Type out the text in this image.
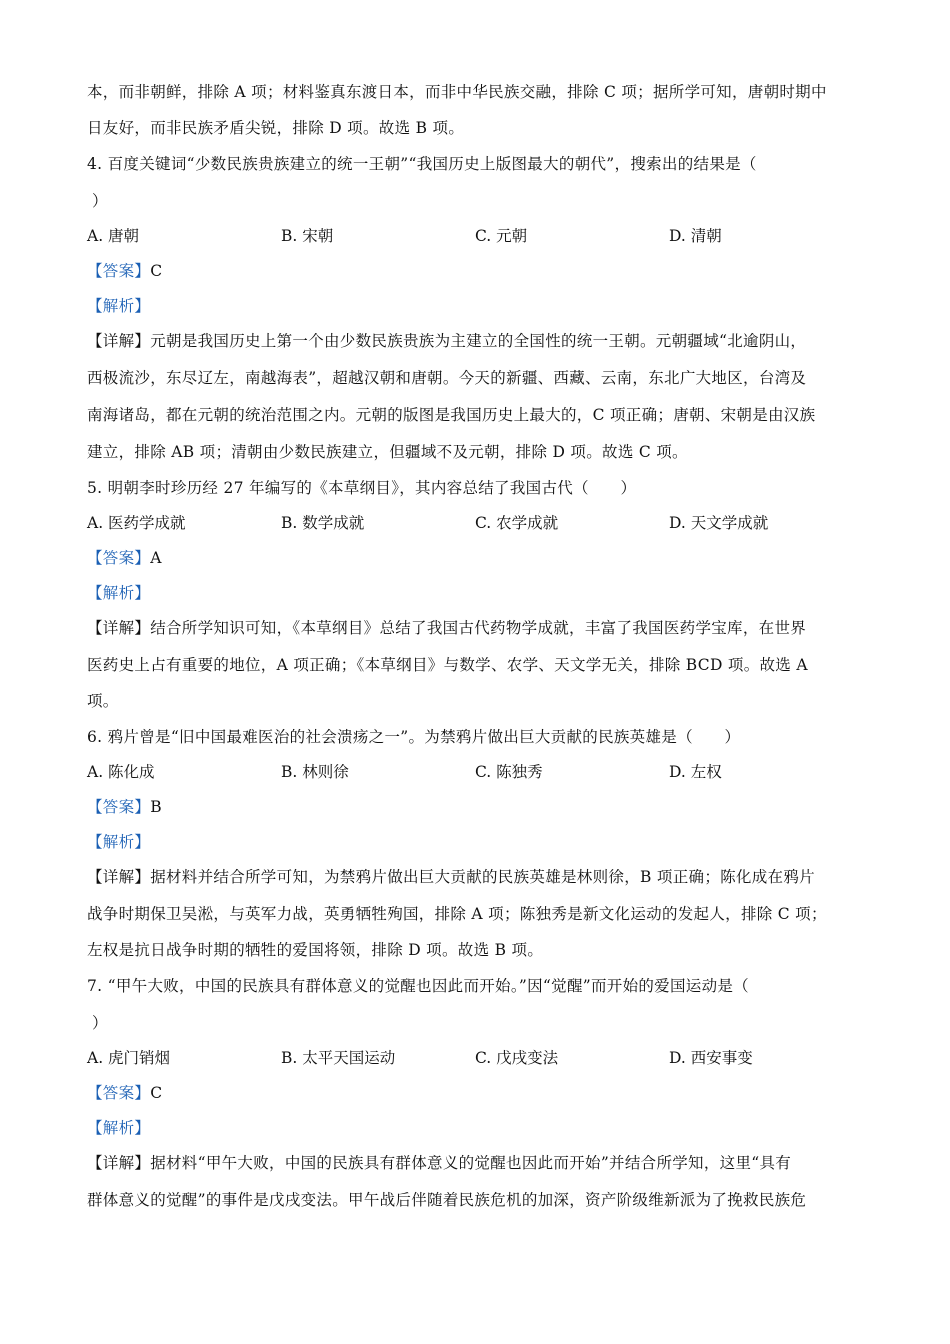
本，而非朝鲜，排除 A 项；材料鉴真东渡日本，而非中华民族交融，排除 C 项；据所学可知，唐朝时期中
日友好，而非民族矛盾尖锐，排除 D 项。故选 B 项。
4. 百度关键词“少数民族贵族建立的统一王朝”“我国历史上版图最大的朝代”，搜索出的结果是（
）
A. 唐朝	B. 宋朝	C. 元朝	D. 清朝
【答案】C
【解析】
【详解】元朝是我国历史上第一个由少数民族贵族为主建立的全国性的统一王朝。元朝疆域“北逾阴山，
西极流沙，东尽辽左，南越海表”，超越汉朝和唐朝。今天的新疆、西藏、云南，东北广大地区，台湾及
南海诸岛，都在元朝的统治范围之内。元朝的版图是我国历史上最大的，C 项正确；唐朝、宋朝是由汉族
建立，排除 AB 项；清朝由少数民族建立，但疆域不及元朝，排除 D 项。故选 C 项。
5. 明朝李时珍历经 27 年编写的《本草纲目》，其内容总结了我国古代（　　）
A. 医药学成就	B. 数学成就	C. 农学成就	D. 天文学成就
【答案】A
【解析】
【详解】结合所学知识可知，《本草纲目》总结了我国古代药物学成就，丰富了我国医药学宝库，在世界
医药史上占有重要的地位，A 项正确；《本草纲目》与数学、农学、天文学无关，排除 BCD 项。故选 A
项。
6. 鸦片曾是“旧中国最难医治的社会溃疡之一”。为禁鸦片做出巨大贡献的民族英雄是（　　）
A. 陈化成	B. 林则徐	C. 陈独秀	D. 左权
【答案】B
【解析】
【详解】据材料并结合所学可知，为禁鸦片做出巨大贡献的民族英雄是林则徐，B 项正确；陈化成在鸦片
战争时期保卫吴淞，与英军力战，英勇牺牲殉国，排除 A 项；陈独秀是新文化运动的发起人，排除 C 项；
左权是抗日战争时期的牺牲的爱国将领，排除 D 项。故选 B 项。
7. “甲午大败，中国的民族具有群体意义的觉醒也因此而开始。”因“觉醒”而开始的爱国运动是（
）
A. 虎门销烟	B. 太平天国运动	C. 戊戌变法	D. 西安事变
【答案】C
【解析】
【详解】据材料“甲午大败，中国的民族具有群体意义的觉醒也因此而开始”并结合所学知，这里“具有
群体意义的觉醒”的事件是戊戌变法。甲午战后伴随着民族危机的加深，资产阶级维新派为了挽救民族危
